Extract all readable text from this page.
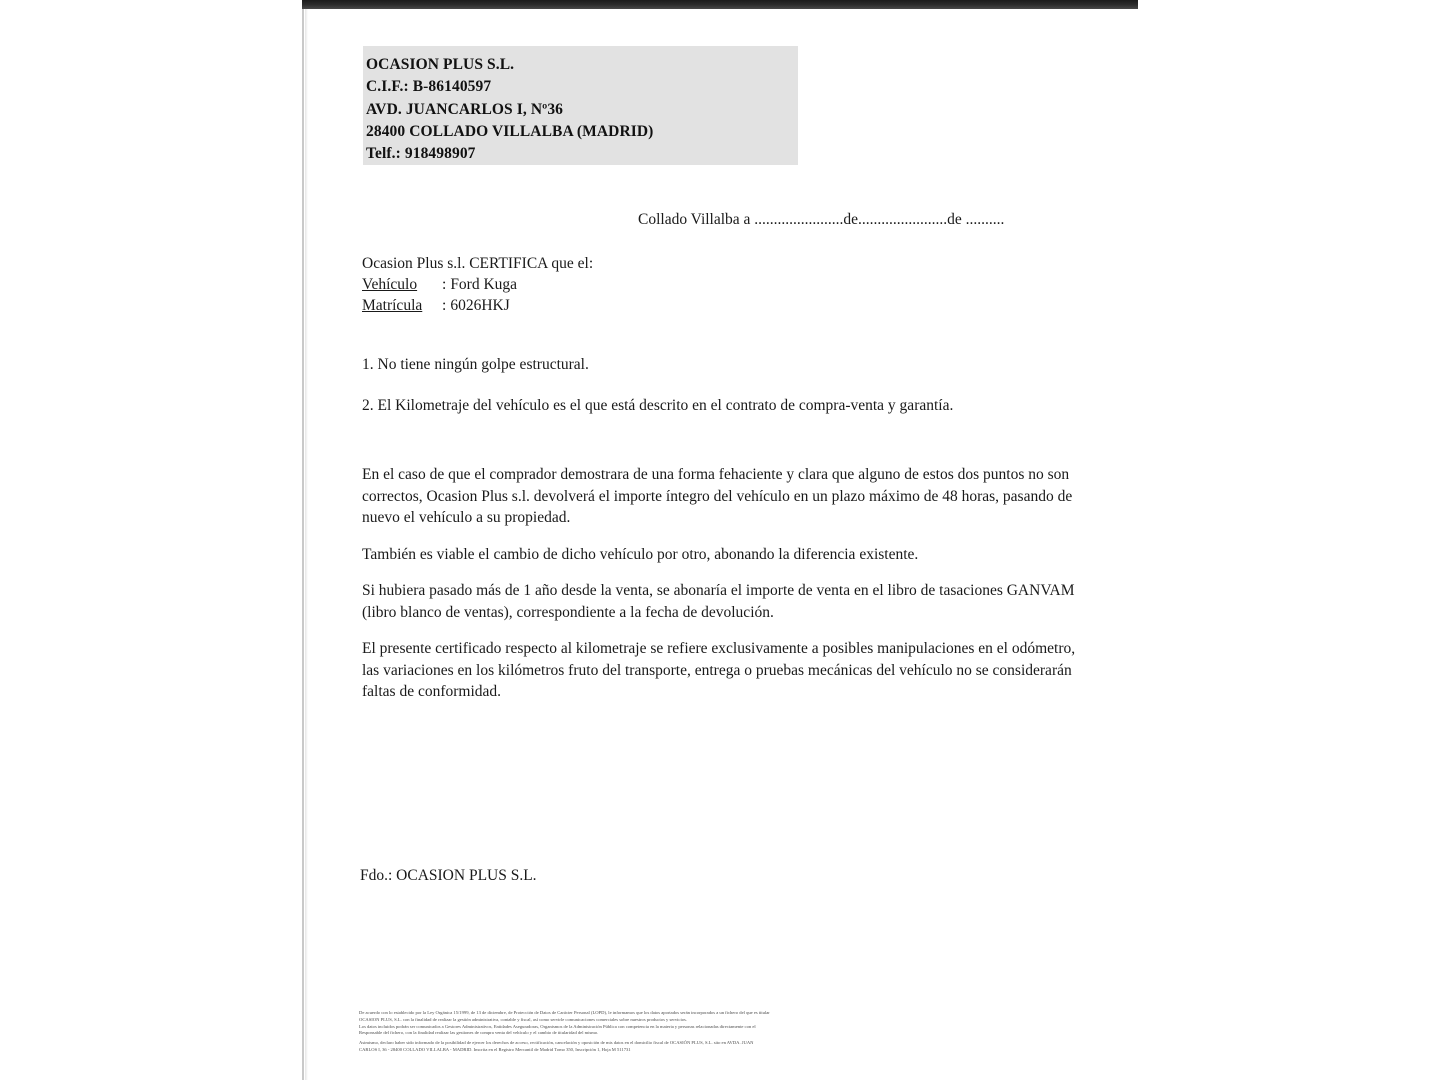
OCASION PLUS S.L.
C.I.F.: B-86140597
AVD. JUANCARLOS I, Nº36
28400 COLLADO VILLALBA (MADRID)
Telf.: 918498907
Collado Villalba a .......................de.......................de ..........
Ocasion Plus s.l. CERTIFICA que el:
Vehículo	: Ford Kuga
Matrícula	: 6026HKJ
1. No tiene ningún golpe estructural.
2. El Kilometraje del vehículo es el que está descrito en el contrato de compra-venta y garantía.

En el caso de que el comprador demostrara de una forma fehaciente y clara que alguno de estos dos puntos no son correctos, Ocasion Plus s.l. devolverá el importe íntegro del vehículo en un plazo máximo de 48 horas, pasando de nuevo el vehículo a su propiedad.

También es viable el cambio de dicho vehículo por otro, abonando la diferencia existente.

Si hubiera pasado más de 1 año desde la venta, se abonaría el importe de venta en el libro de tasaciones GANVAM (libro blanco de ventas), correspondiente a la fecha de devolución.

El presente certificado respecto al kilometraje se refiere exclusivamente a posibles manipulaciones en el odómetro, las variaciones en los kilómetros fruto del transporte, entrega o pruebas mecánicas del vehículo no se considerarán faltas de conformidad.

Fdo.: OCASION PLUS S.L.
De acuerdo con lo establecido por la Ley Orgánica 15/1999, de 13 de diciembre, de Protección de Datos de Carácter Personal (LOPD), le informamos que los datos aportados serán incorporados a un fichero del que es titular
OCASION PLUS, S.L. con la finalidad de realizar la gestión administrativa, contable y fiscal, así como servirle comunicaciones comerciales sobre nuestros productos y servicios.
Los datos incluidos podrán ser comunicados a Gestores Administrativos, Entidades Aseguradoras, Organismos de la Administración Pública con competencia en la materia y personas relacionadas directamente con el
Responsable del fichero, con la finalidad realizar las gestiones de compra venta del vehículo y el cambio de titularidad del mismo.
Asimismo, declaro haber sido informado de la posibilidad de ejercer los derechos de acceso, rectificación, cancelación y oposición de mis datos en el domicilio fiscal de OCASIÓN PLUS, S.L. sito en AVDA. JUAN
CARLOS I, 36 - 28400 COLLADO VILLALBA - MADRID. Inscrita en el Registro Mercantil de Madrid Tomo 350, Inscripción 1, Hoja M 511731
